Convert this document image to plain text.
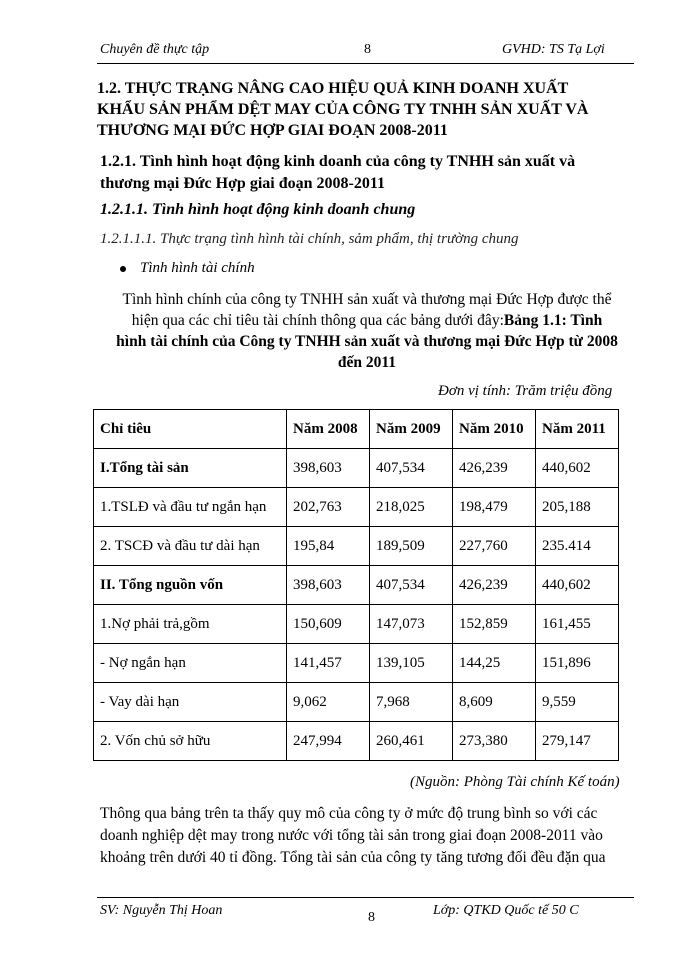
Chuyên đề thực tập	8	GVHD: TS Tạ Lợi
1.2. THỰC TRẠNG NÂNG CAO HIỆU QUẢ KINH DOANH XUẤT
KHẨU SẢN PHẨM DỆT MAY CỦA CÔNG TY TNHH SẢN XUẤT VÀ
THƯƠNG MẠI ĐỨC HỢP GIAI ĐOẠN 2008-2011
1.2.1. Tình hình hoạt động kinh doanh của công ty TNHH sản xuất và
thương mại Đức Hợp giai đoạn 2008-2011
1.2.1.1. Tình hình hoạt động kinh doanh chung
1.2.1.1.1. Thực trạng tình hình tài chính, sảm phẩm, thị trường chung
Tình hình tài chính
Tình hình chính của công ty TNHH sản xuất và thương mại Đức Hợp được thể
hiện qua các chỉ tiêu tài chính thông qua các bảng dưới đây:Bảng 1.1: Tình
hình tài chính của Công ty TNHH sản xuất và thương mại Đức Hợp từ 2008
đến 2011
Đơn vị tính: Trăm triệu đồng
Chỉ tiêu	Năm 2008	Năm 2009	Năm 2010	Năm 2011
I.Tổng tài sản	398,603	407,534	426,239	440,602
1.TSLĐ và đầu tư ngắn hạn	202,763	218,025	198,479	205,188
2. TSCĐ và đầu tư dài hạn	195,84	189,509	227,760	235.414
II. Tổng nguồn vốn	398,603	407,534	426,239	440,602
1.Nợ phải trả,gồm	150,609	147,073	152,859	161,455
- Nợ ngắn hạn	141,457	139,105	144,25	151,896
- Vay dài hạn	9,062	7,968	8,609	9,559
2. Vốn chủ sở hữu	247,994	260,461	273,380	279,147
(Nguồn: Phòng Tài chính Kế toán)
Thông qua bảng trên ta thấy quy mô của công ty ở mức độ trung bình so với các
doanh nghiệp dệt may trong nước với tổng tài sản trong giai đoạn 2008-2011 vào
khoảng trên dưới 40 tỉ đồng. Tổng tài sản của công ty tăng tương đối đều đặn qua
SV: Nguyễn Thị Hoan	8	Lớp: QTKD Quốc tế 50 C
